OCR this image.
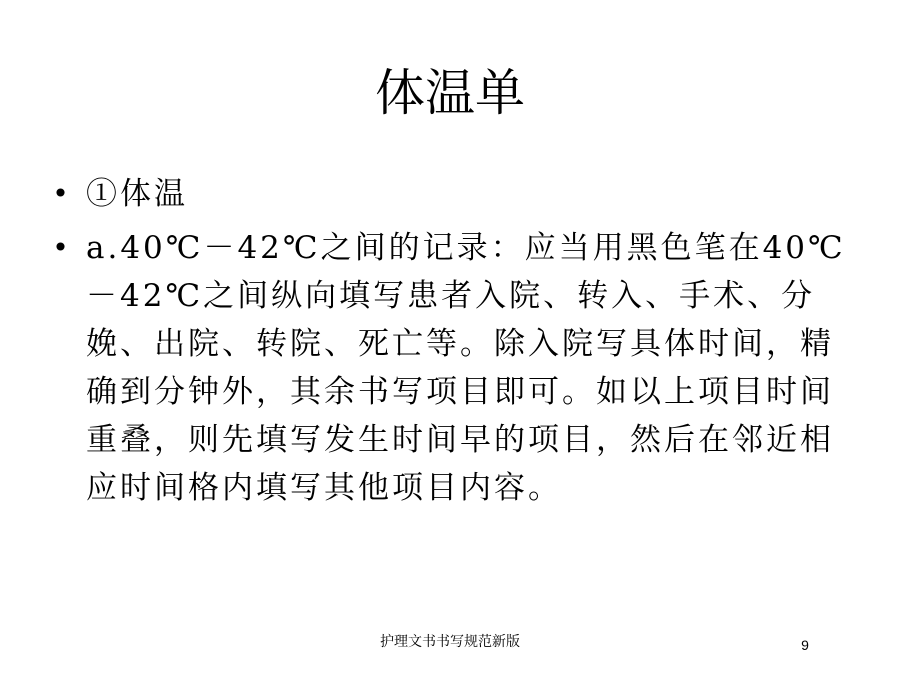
体温单
• ①体温
• a.40℃－42℃之间的记录：应当用黑色笔在40℃－42℃之间纵向填写患者入院、转入、手术、分娩、出院、转院、死亡等。除入院写具体时间，精确到分钟外，其余书写项目即可。如以上项目时间重叠，则先填写发生时间早的项目，然后在邻近相应时间格内填写其他项目内容。
护理文书书写规范新版	9
